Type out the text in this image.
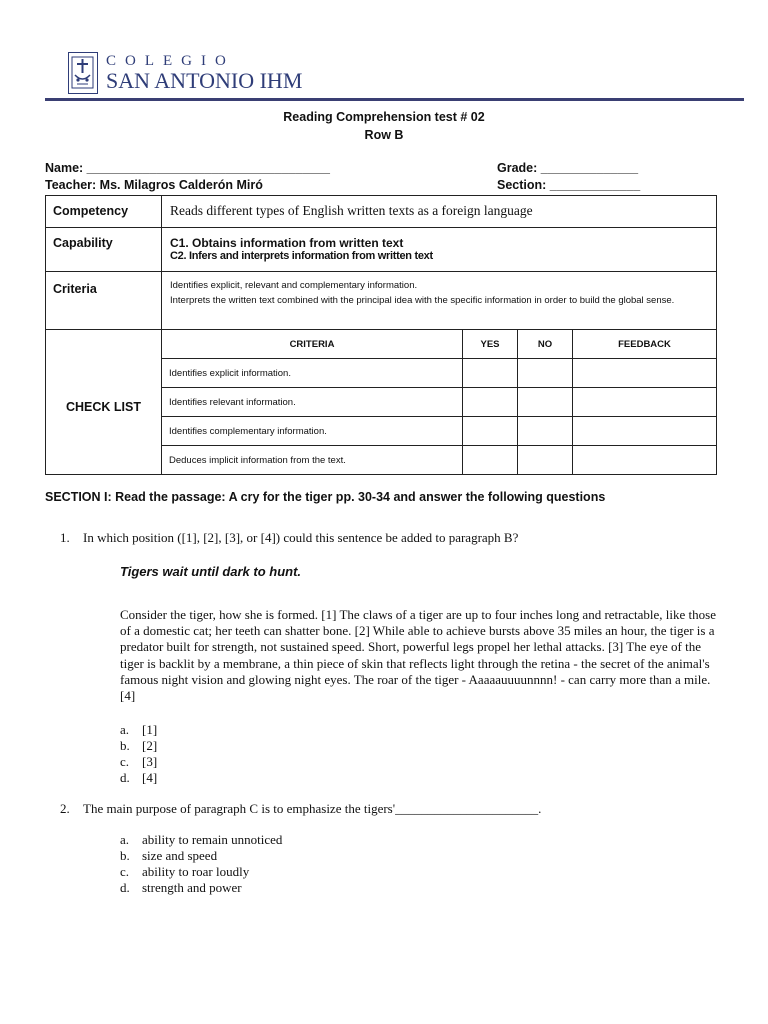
COLEGIO
SAN ANTONIO IHM
Reading Comprehension test # 02
Row B
Name: ___________________________________	Grade: ______________
Teacher: Ms. Milagros Calderón Miró	Section: _____________
Competency	Reads different types of English written texts as a foreign language
Capability	C1. Obtains information from written text
C2. Infers and interprets information from written text

Criteria	Identifies explicit, relevant and complementary information.
Interprets the written text combined with the principal idea with the specific information in order to build the global sense.

CHECK LIST	
CRITERIA	YES	NO	FEEDBACK
Identifies explicit information.			
Identifies relevant information.			
Identifies complementary information.			
Deduces implicit information from the text.			
SECTION I: Read the passage: A cry for the tiger pp. 30-34 and answer the following questions
1. In which position ([1], [2], [3], or [4]) could this sentence be added to paragraph B?
Tigers wait until dark to hunt.
Consider the tiger, how she is formed. [1] The claws of a tiger are up to four inches long and retractable, like those of a domestic cat; her teeth can shatter bone. [2] While able to achieve bursts above 35 miles an hour, the tiger is a predator built for strength, not sustained speed. Short, powerful legs propel her lethal attacks. [3] The eye of the tiger is backlit by a membrane, a thin piece of skin that reflects light through the retina - the secret of the animal's famous night vision and glowing night eyes. The roar of the tiger - Aaaaauuuunnnn! - can carry more than a mile. [4]
a. [1]
b. [2]
c. [3]
d. [4]
2. The main purpose of paragraph C is to emphasize the tigers'______________________.
a. ability to remain unnoticed
b. size and speed
c. ability to roar loudly
d. strength and power
